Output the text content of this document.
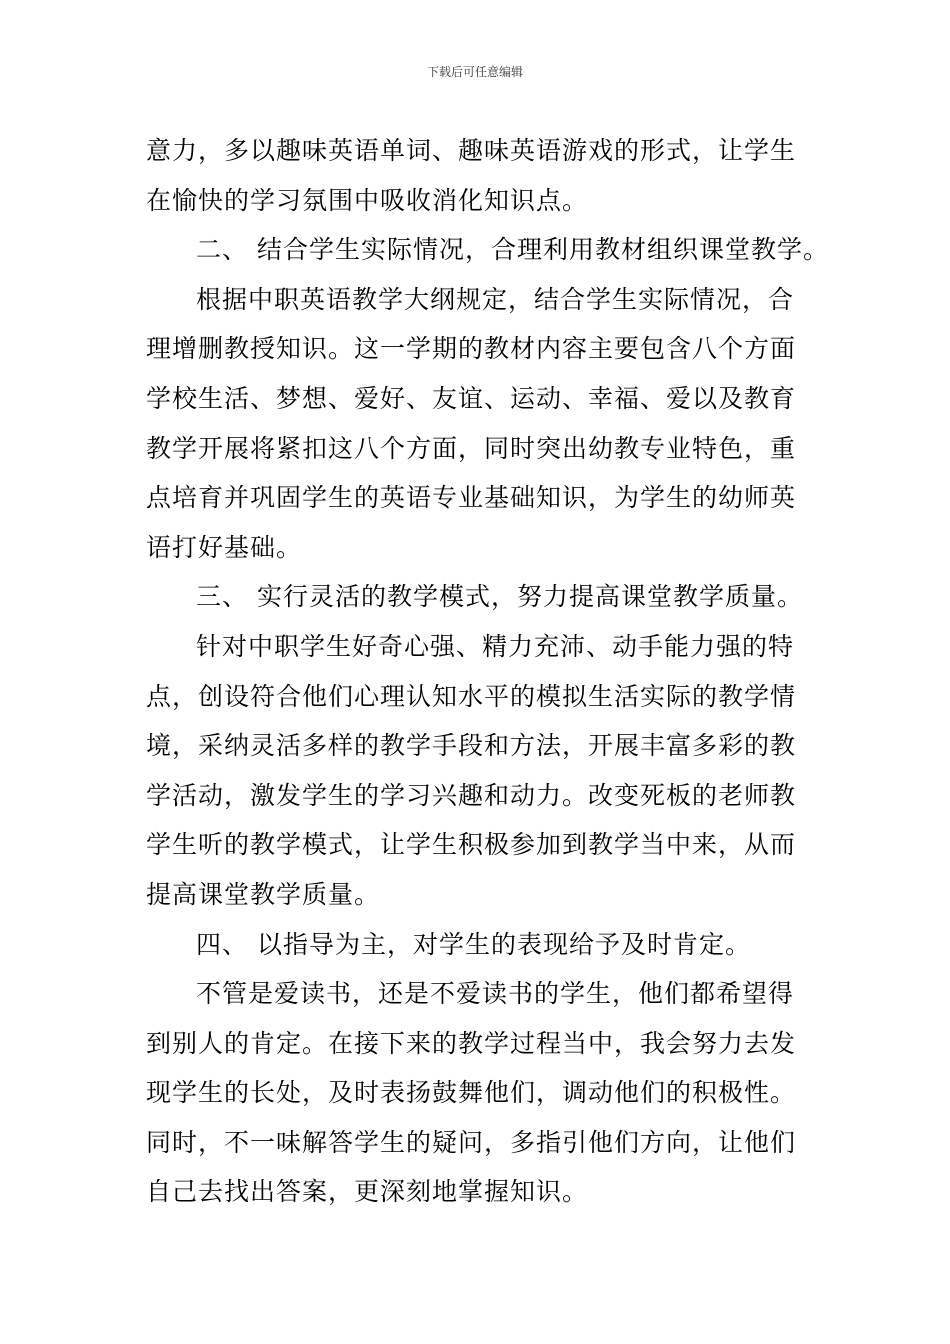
下载后可任意编辑
意力，多以趣味英语单词、趣味英语游戏的形式，让学生
在愉快的学习氛围中吸收消化知识点。
二、 结合学生实际情况，合理利用教材组织课堂教学。
根据中职英语教学大纲规定，结合学生实际情况，合
理增删教授知识。这一学期的教材内容主要包含八个方面
学校生活、梦想、爱好、友谊、运动、幸福、爱以及教育
教学开展将紧扣这八个方面，同时突出幼教专业特色，重
点培育并巩固学生的英语专业基础知识，为学生的幼师英
语打好基础。
三、 实行灵活的教学模式，努力提高课堂教学质量。
针对中职学生好奇心强、精力充沛、动手能力强的特
点，创设符合他们心理认知水平的模拟生活实际的教学情
境，采纳灵活多样的教学手段和方法，开展丰富多彩的教
学活动，激发学生的学习兴趣和动力。改变死板的老师教
学生听的教学模式，让学生积极参加到教学当中来，从而
提高课堂教学质量。
四、 以指导为主，对学生的表现给予及时肯定。
不管是爱读书，还是不爱读书的学生，他们都希望得
到别人的肯定。在接下来的教学过程当中，我会努力去发
现学生的长处，及时表扬鼓舞他们，调动他们的积极性。
同时，不一味解答学生的疑问，多指引他们方向，让他们
自己去找出答案，更深刻地掌握知识。
